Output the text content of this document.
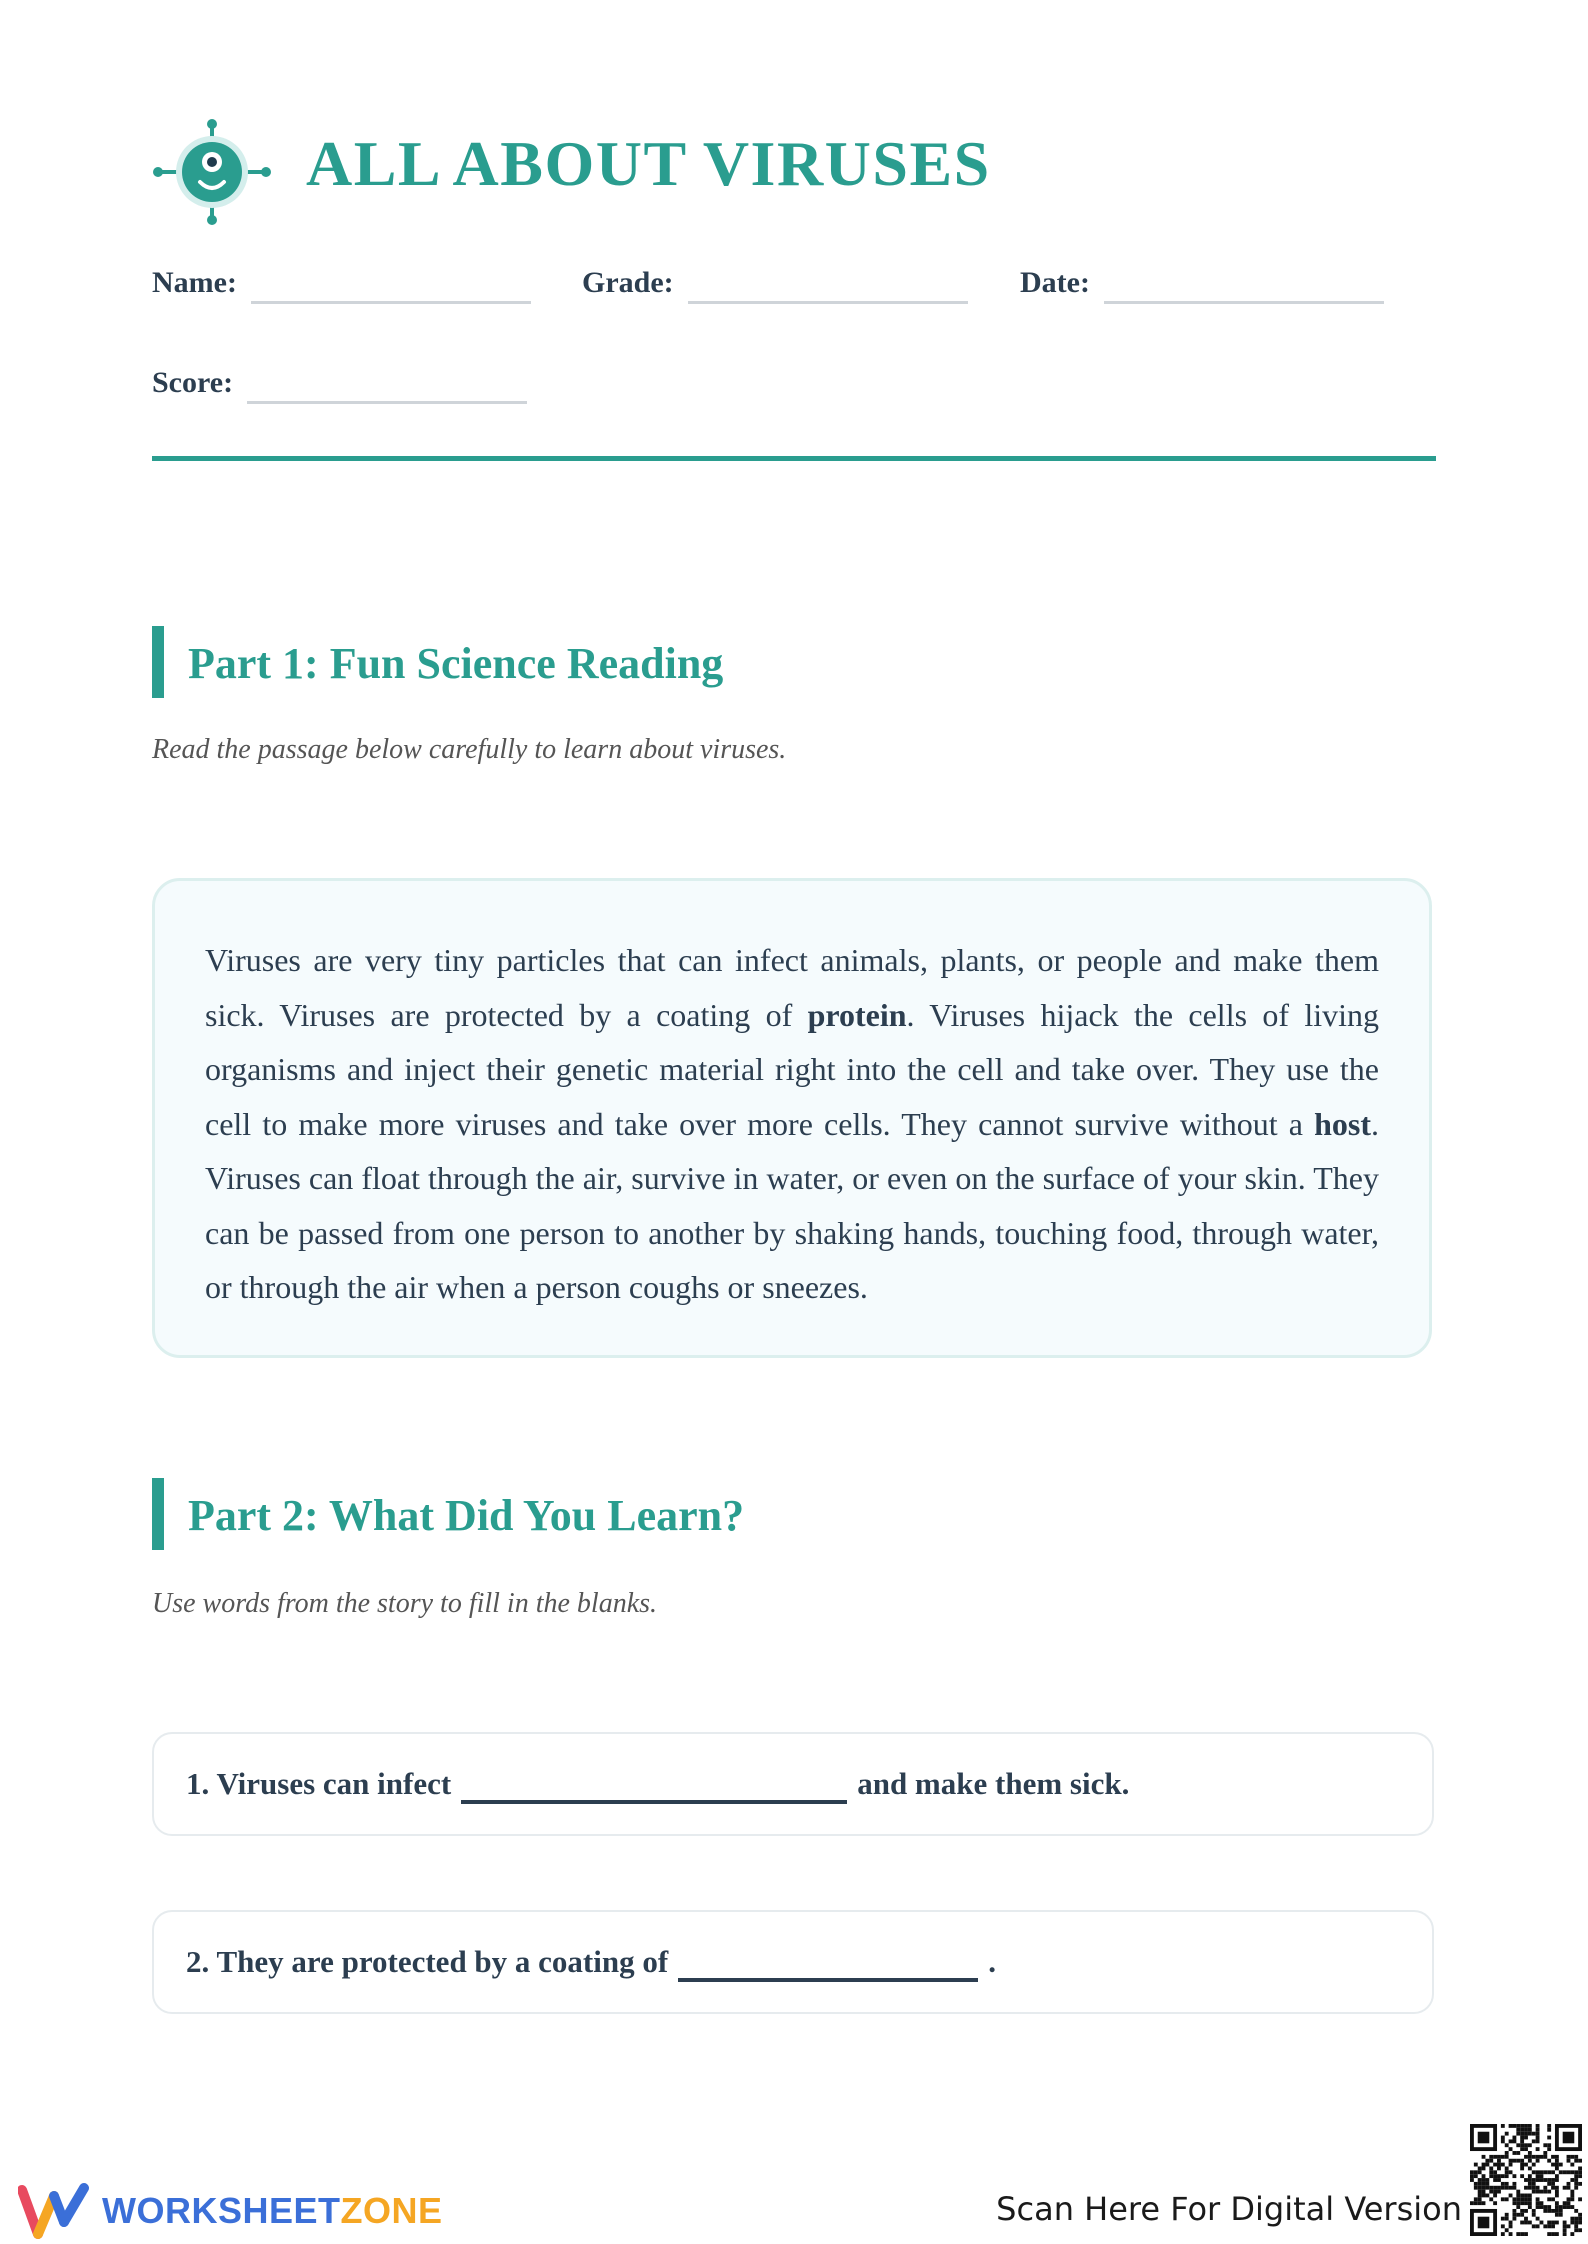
ALL ABOUT VIRUSES
Name:	Grade:	Date:
Score:
Part 1: Fun Science Reading

Read the passage below carefully to learn about viruses.

Viruses are very tiny particles that can infect animals, plants, or people and make them sick. Viruses are protected by a coating of protein. Viruses hijack the cells of living organisms and inject their genetic material right into the cell and take over. They use the cell to make more viruses and take over more cells. They cannot survive without a host. Viruses can float through the air, survive in water, or even on the surface of your skin. They can be passed from one person to another by shaking hands, touching food, through water, or through the air when a person coughs or sneezes.

Part 2: What Did You Learn?

Use words from the story to fill in the blanks.

1. Viruses can infect	and make them sick.
2. They are protected by a coating of	.
WORKSHEETZONE	Scan Here For Digital Version
